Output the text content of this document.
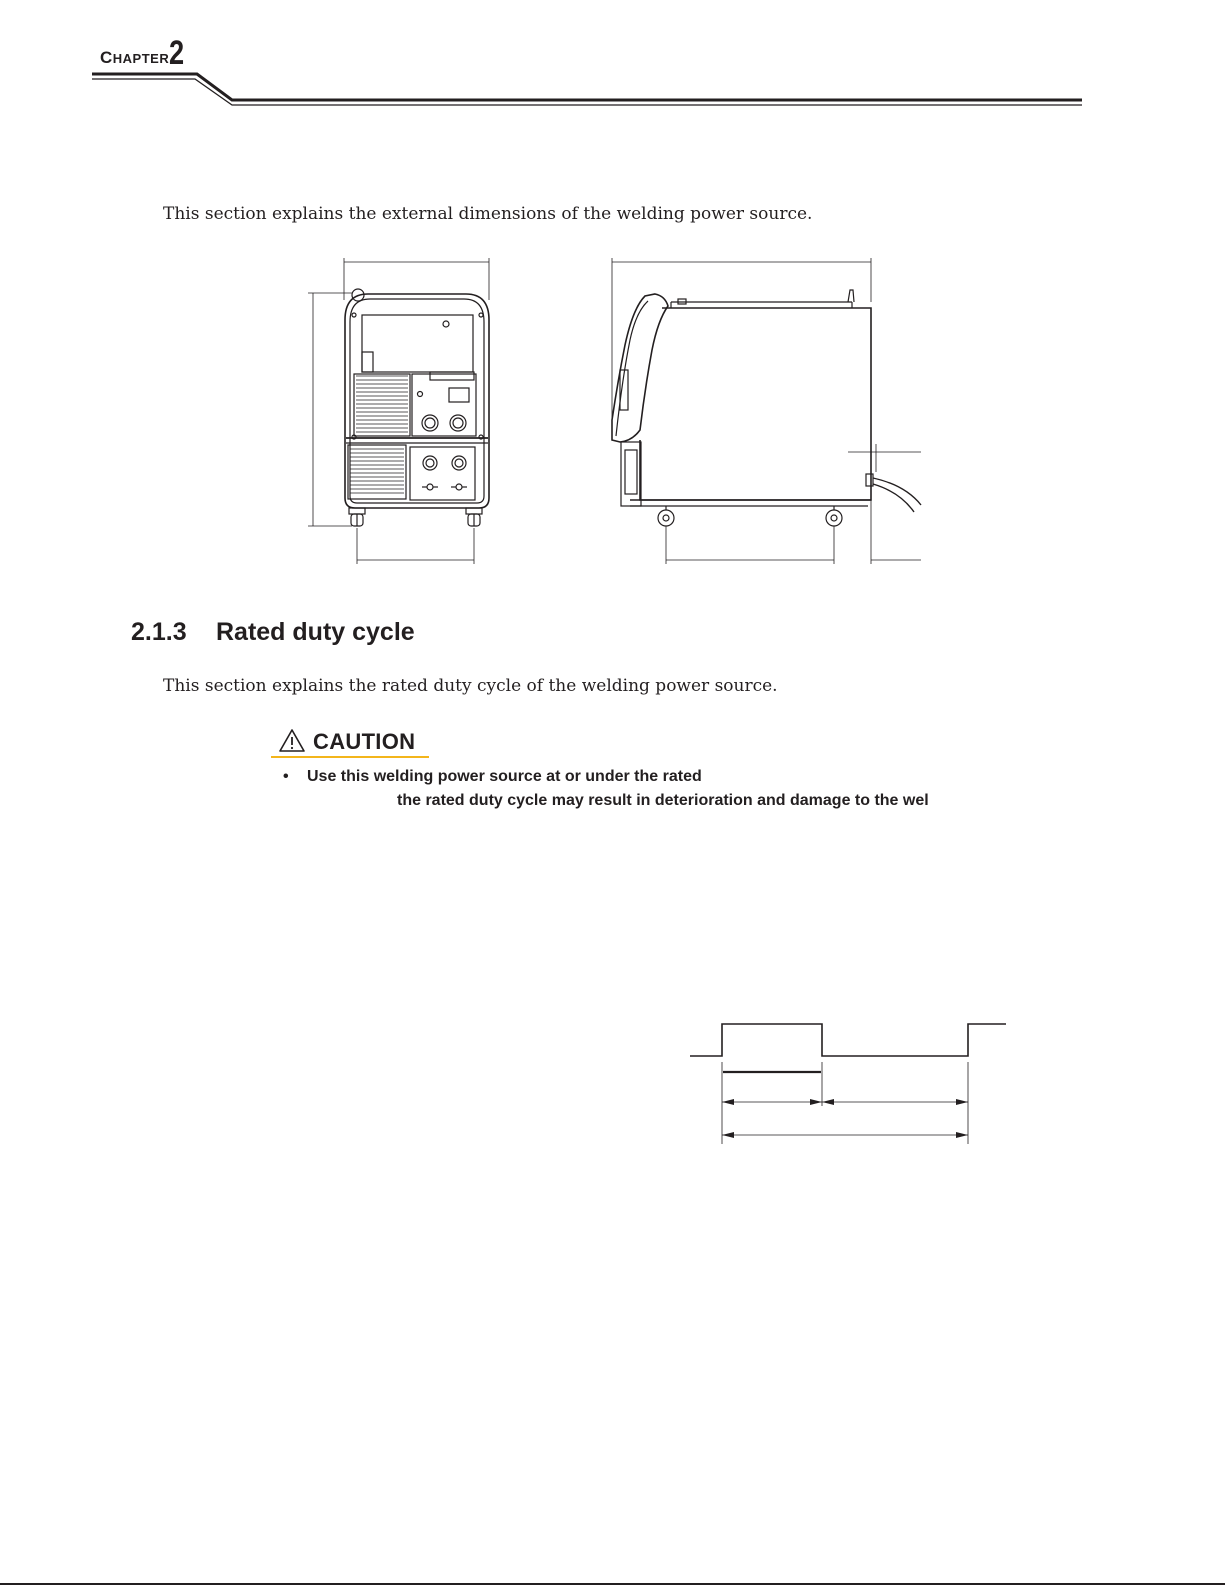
CHAPTER 2
This section explains the external dimensions of the welding power source.
2.1.3 Rated duty cycle
This section explains the rated duty cycle of the welding power source.
CAUTION
• Use this welding power source at or under the rated
the rated duty cycle may result in deterioration and damage to the wel
